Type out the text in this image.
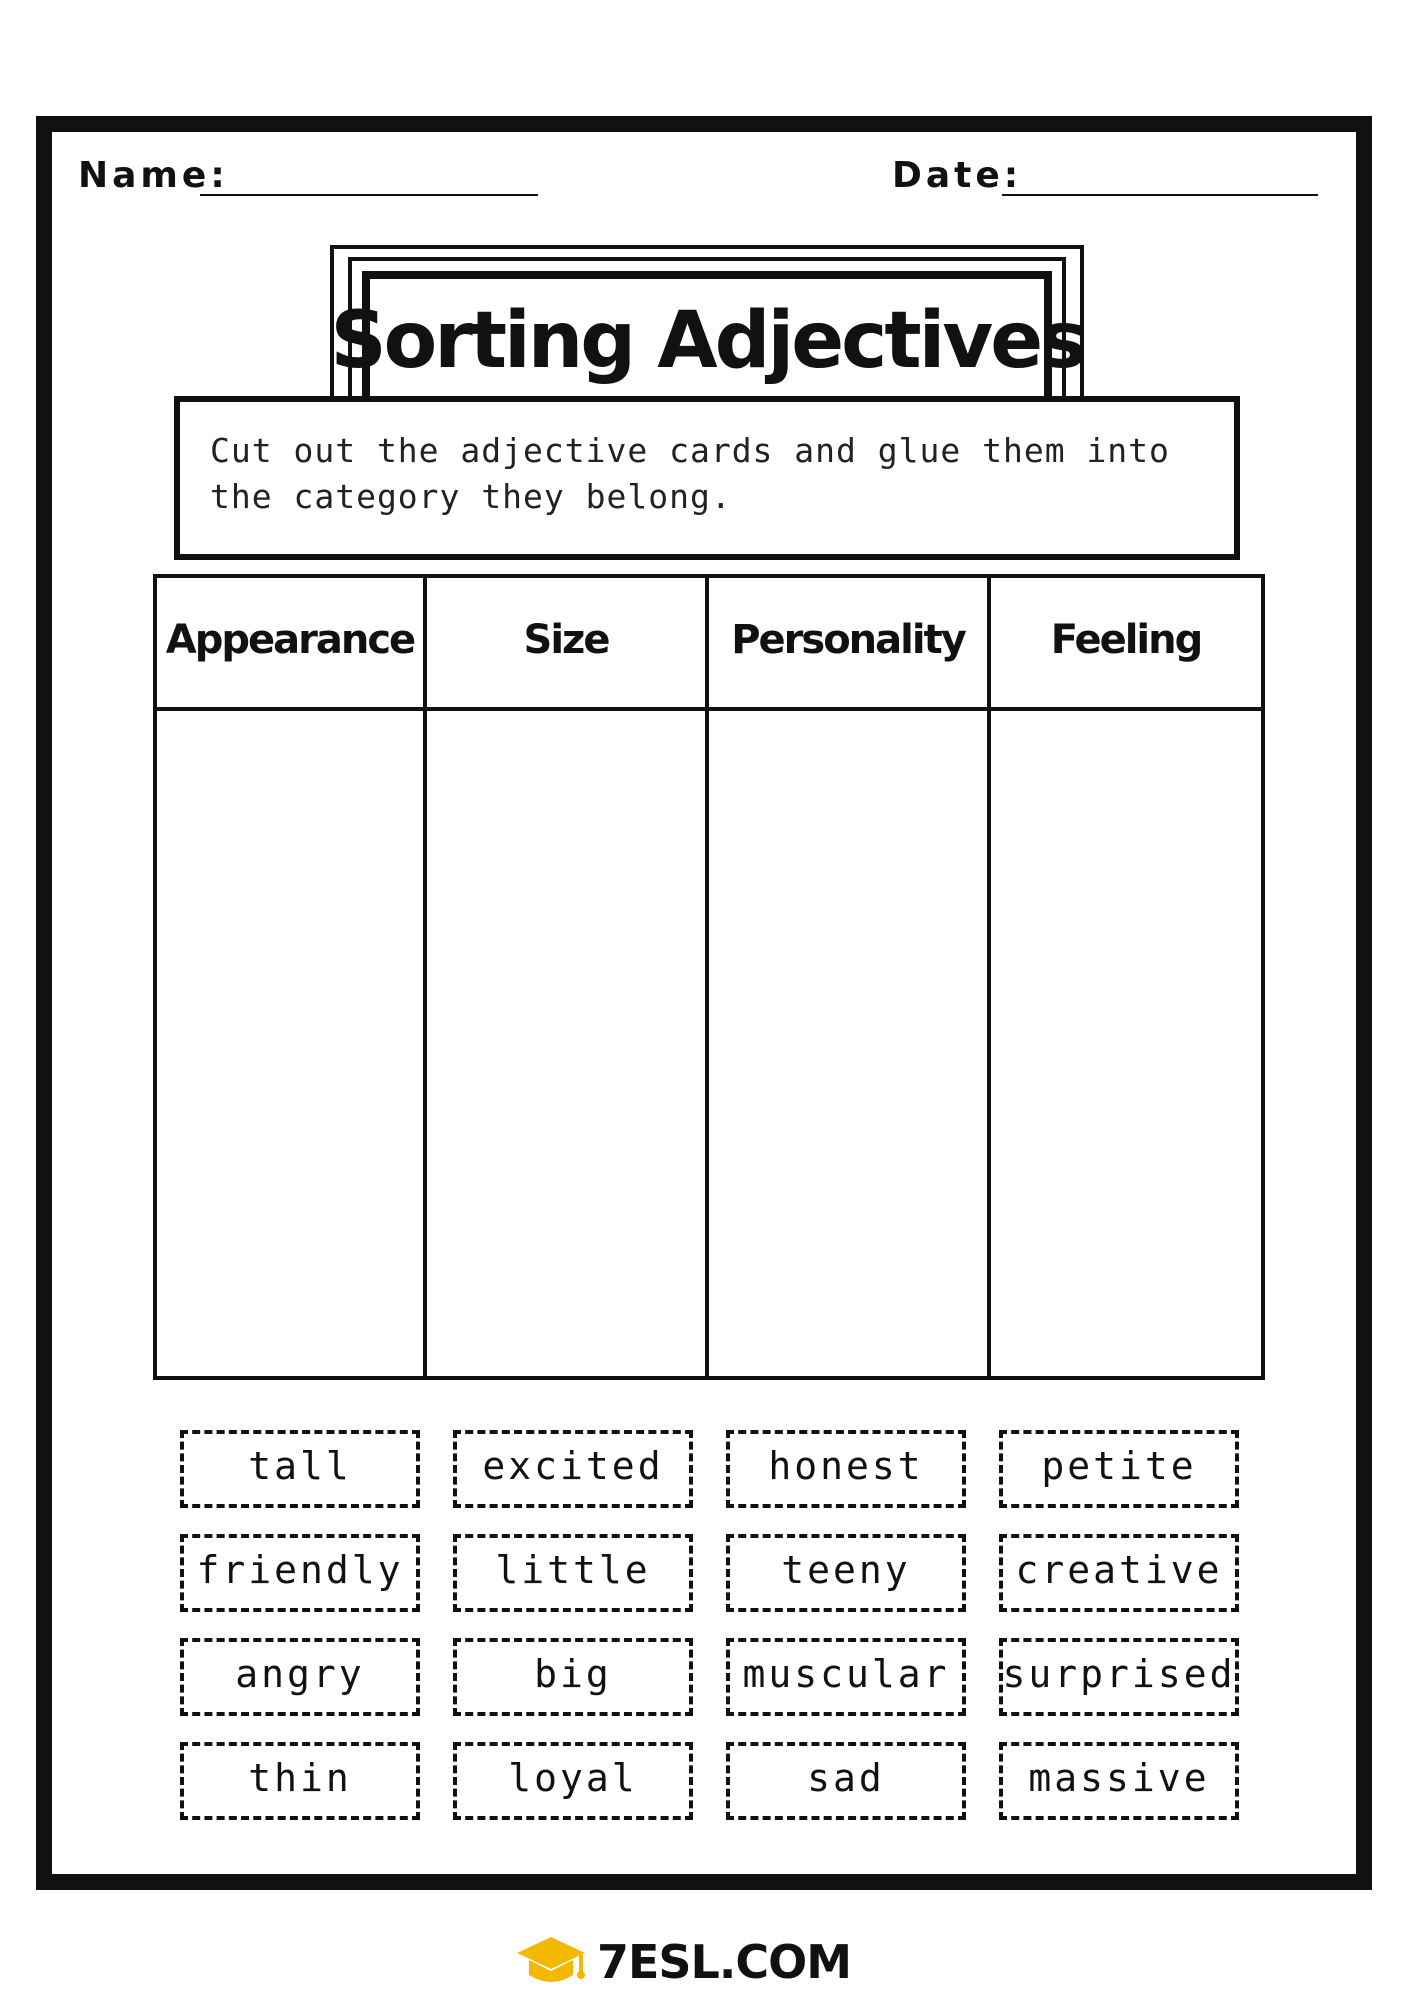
Name:	Date:
Sorting Adjectives
Cut out the adjective cards and glue them into the category they belong.
Appearance	Size	Personality	Feeling
tall	excited	honest	petite
friendly	little	teeny	creative
angry	big	muscular	surprised
thin	loyal	sad	massive
7ESL.COM
